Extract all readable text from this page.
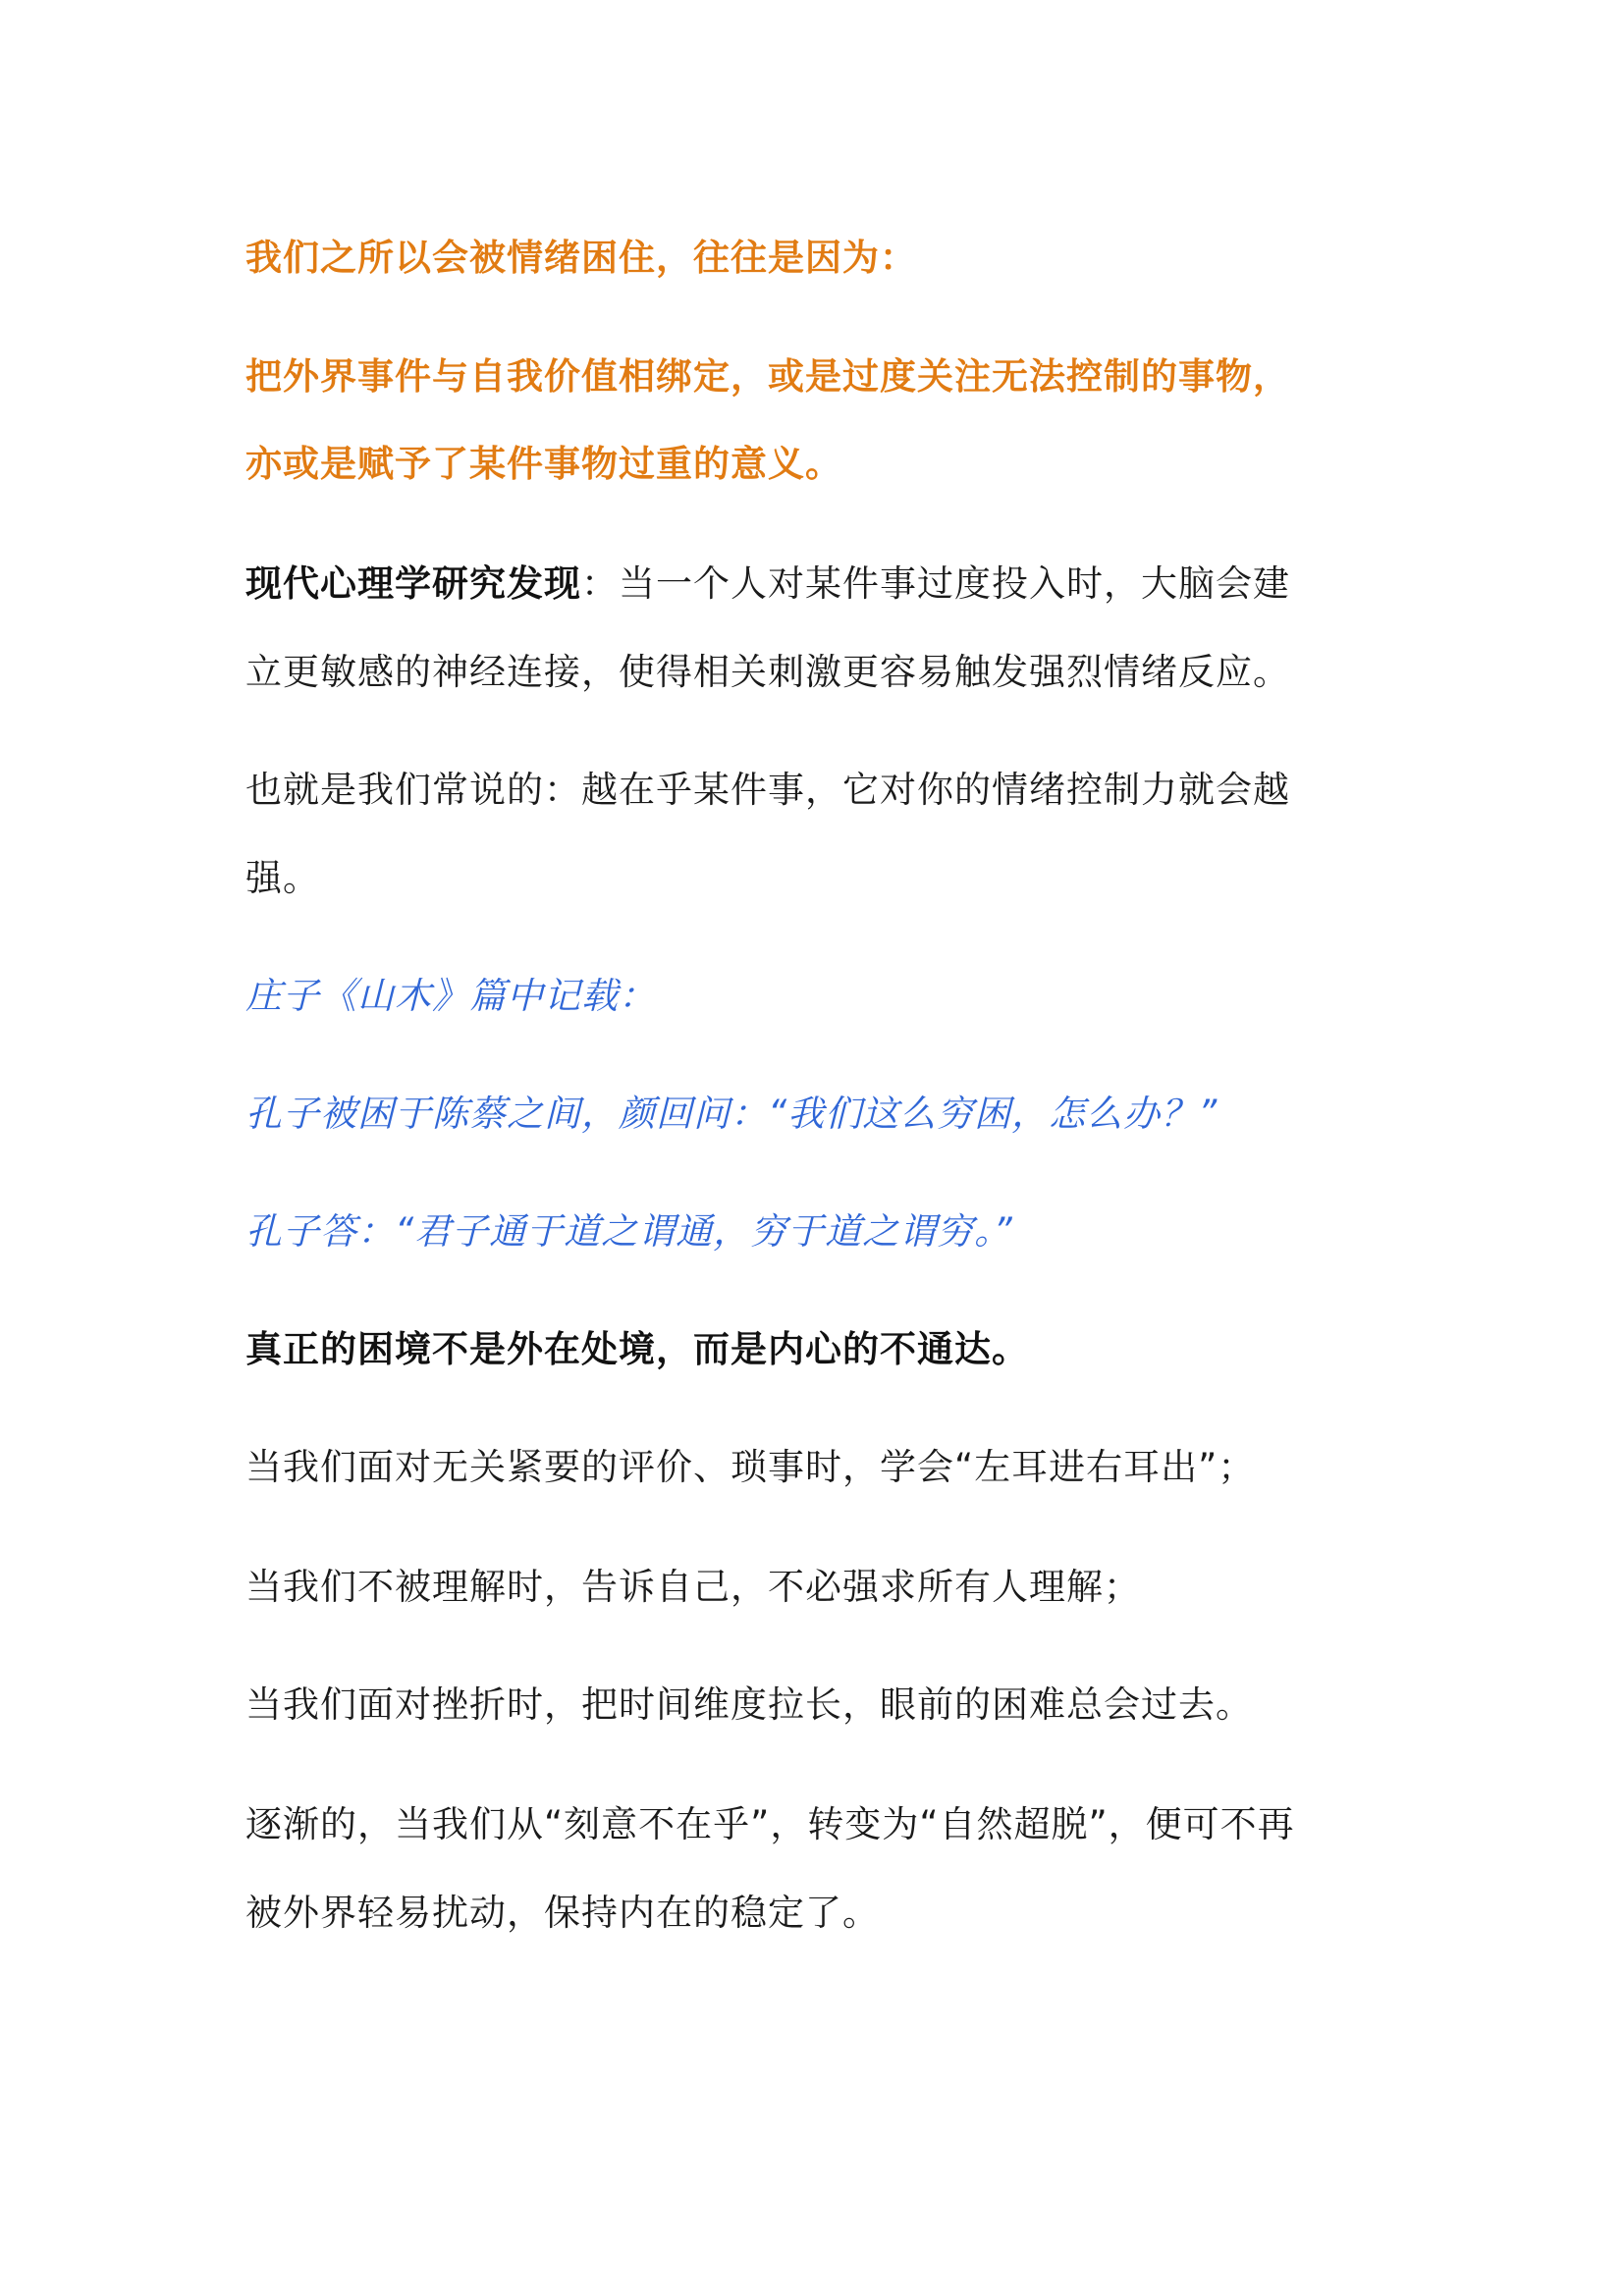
我们之所以会被情绪困住，往往是因为：
把外界事件与自我价值相绑定，或是过度关注无法控制的事物，
亦或是赋予了某件事物过重的意义。
现代心理学研究发现：当一个人对某件事过度投入时，大脑会建
立更敏感的神经连接，使得相关刺激更容易触发强烈情绪反应。
也就是我们常说的：越在乎某件事，它对你的情绪控制力就会越
强。
庄子《山木》篇中记载：
孔子被困于陈蔡之间，颜回问：“我们这么穷困，怎么办？”
孔子答：“君子通于道之谓通，穷于道之谓穷。”
真正的困境不是外在处境，而是内心的不通达。
当我们面对无关紧要的评价、琐事时，学会“左耳进右耳出”；
当我们不被理解时，告诉自己，不必强求所有人理解；
当我们面对挫折时，把时间维度拉长，眼前的困难总会过去。
逐渐的，当我们从“刻意不在乎”，转变为“自然超脱”，便可不再
被外界轻易扰动，保持内在的稳定了。
